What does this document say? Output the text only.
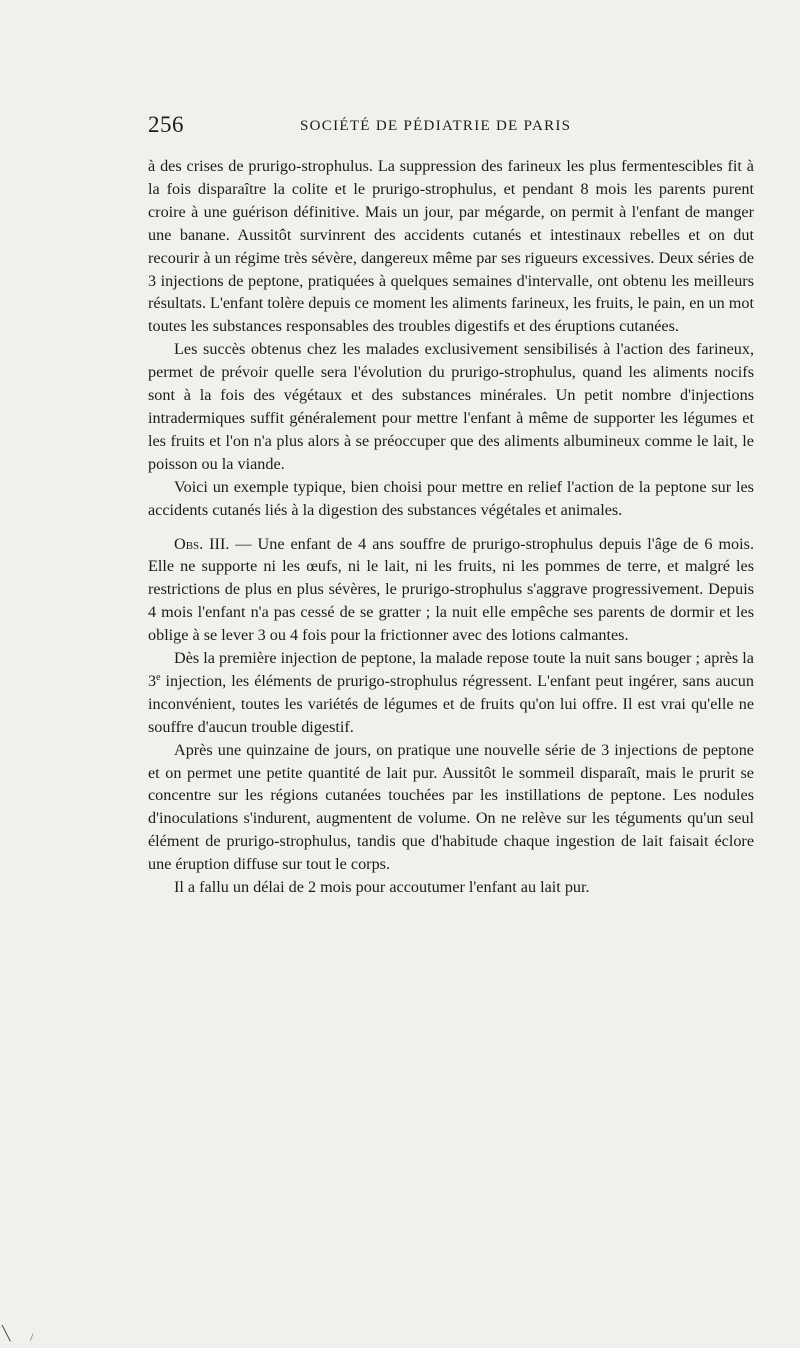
256	SOCIÉTÉ DE PÉDIATRIE DE PARIS

à des crises de prurigo-strophulus. La suppression des farineux les plus fermentescibles fit à la fois disparaître la colite et le prurigo-strophulus, et pendant 8 mois les parents purent croire à une guérison définitive. Mais un jour, par mégarde, on permit à l'enfant de manger une banane. Aussitôt survinrent des accidents cutanés et intestinaux rebelles et on dut recourir à un régime très sévère, dangereux même par ses rigueurs excessives. Deux séries de 3 injections de peptone, pratiquées à quelques semaines d'intervalle, ont obtenu les meilleurs résultats. L'enfant tolère depuis ce moment les aliments farineux, les fruits, le pain, en un mot toutes les substances responsables des troubles digestifs et des éruptions cutanées.

Les succès obtenus chez les malades exclusivement sensibilisés à l'action des farineux, permet de prévoir quelle sera l'évolution du prurigo-strophulus, quand les aliments nocifs sont à la fois des végétaux et des substances minérales. Un petit nombre d'injections intradermiques suffit généralement pour mettre l'enfant à même de supporter les légumes et les fruits et l'on n'a plus alors à se préoccuper que des aliments albumineux comme le lait, le poisson ou la viande.

Voici un exemple typique, bien choisi pour mettre en relief l'action de la peptone sur les accidents cutanés liés à la digestion des substances végétales et animales.

Obs. III. — Une enfant de 4 ans souffre de prurigo-strophulus depuis l'âge de 6 mois. Elle ne supporte ni les œufs, ni le lait, ni les fruits, ni les pommes de terre, et malgré les restrictions de plus en plus sévères, le prurigo-strophulus s'aggrave progressivement. Depuis 4 mois l'enfant n'a pas cessé de se gratter ; la nuit elle empêche ses parents de dormir et les oblige à se lever 3 ou 4 fois pour la frictionner avec des lotions calmantes.

Dès la première injection de peptone, la malade repose toute la nuit sans bouger ; après la 3e injection, les éléments de prurigo-strophulus régressent. L'enfant peut ingérer, sans aucun inconvénient, toutes les variétés de légumes et de fruits qu'on lui offre. Il est vrai qu'elle ne souffre d'aucun trouble digestif.

Après une quinzaine de jours, on pratique une nouvelle série de 3 injections de peptone et on permet une petite quantité de lait pur. Aussitôt le sommeil disparaît, mais le prurit se concentre sur les régions cutanées touchées par les instillations de peptone. Les nodules d'inoculations s'indurent, augmentent de volume. On ne relève sur les téguments qu'un seul élément de prurigo-strophulus, tandis que d'habitude chaque ingestion de lait faisait éclore une éruption diffuse sur tout le corps.

Il a fallu un délai de 2 mois pour accoutumer l'enfant au lait pur.

╲ /
